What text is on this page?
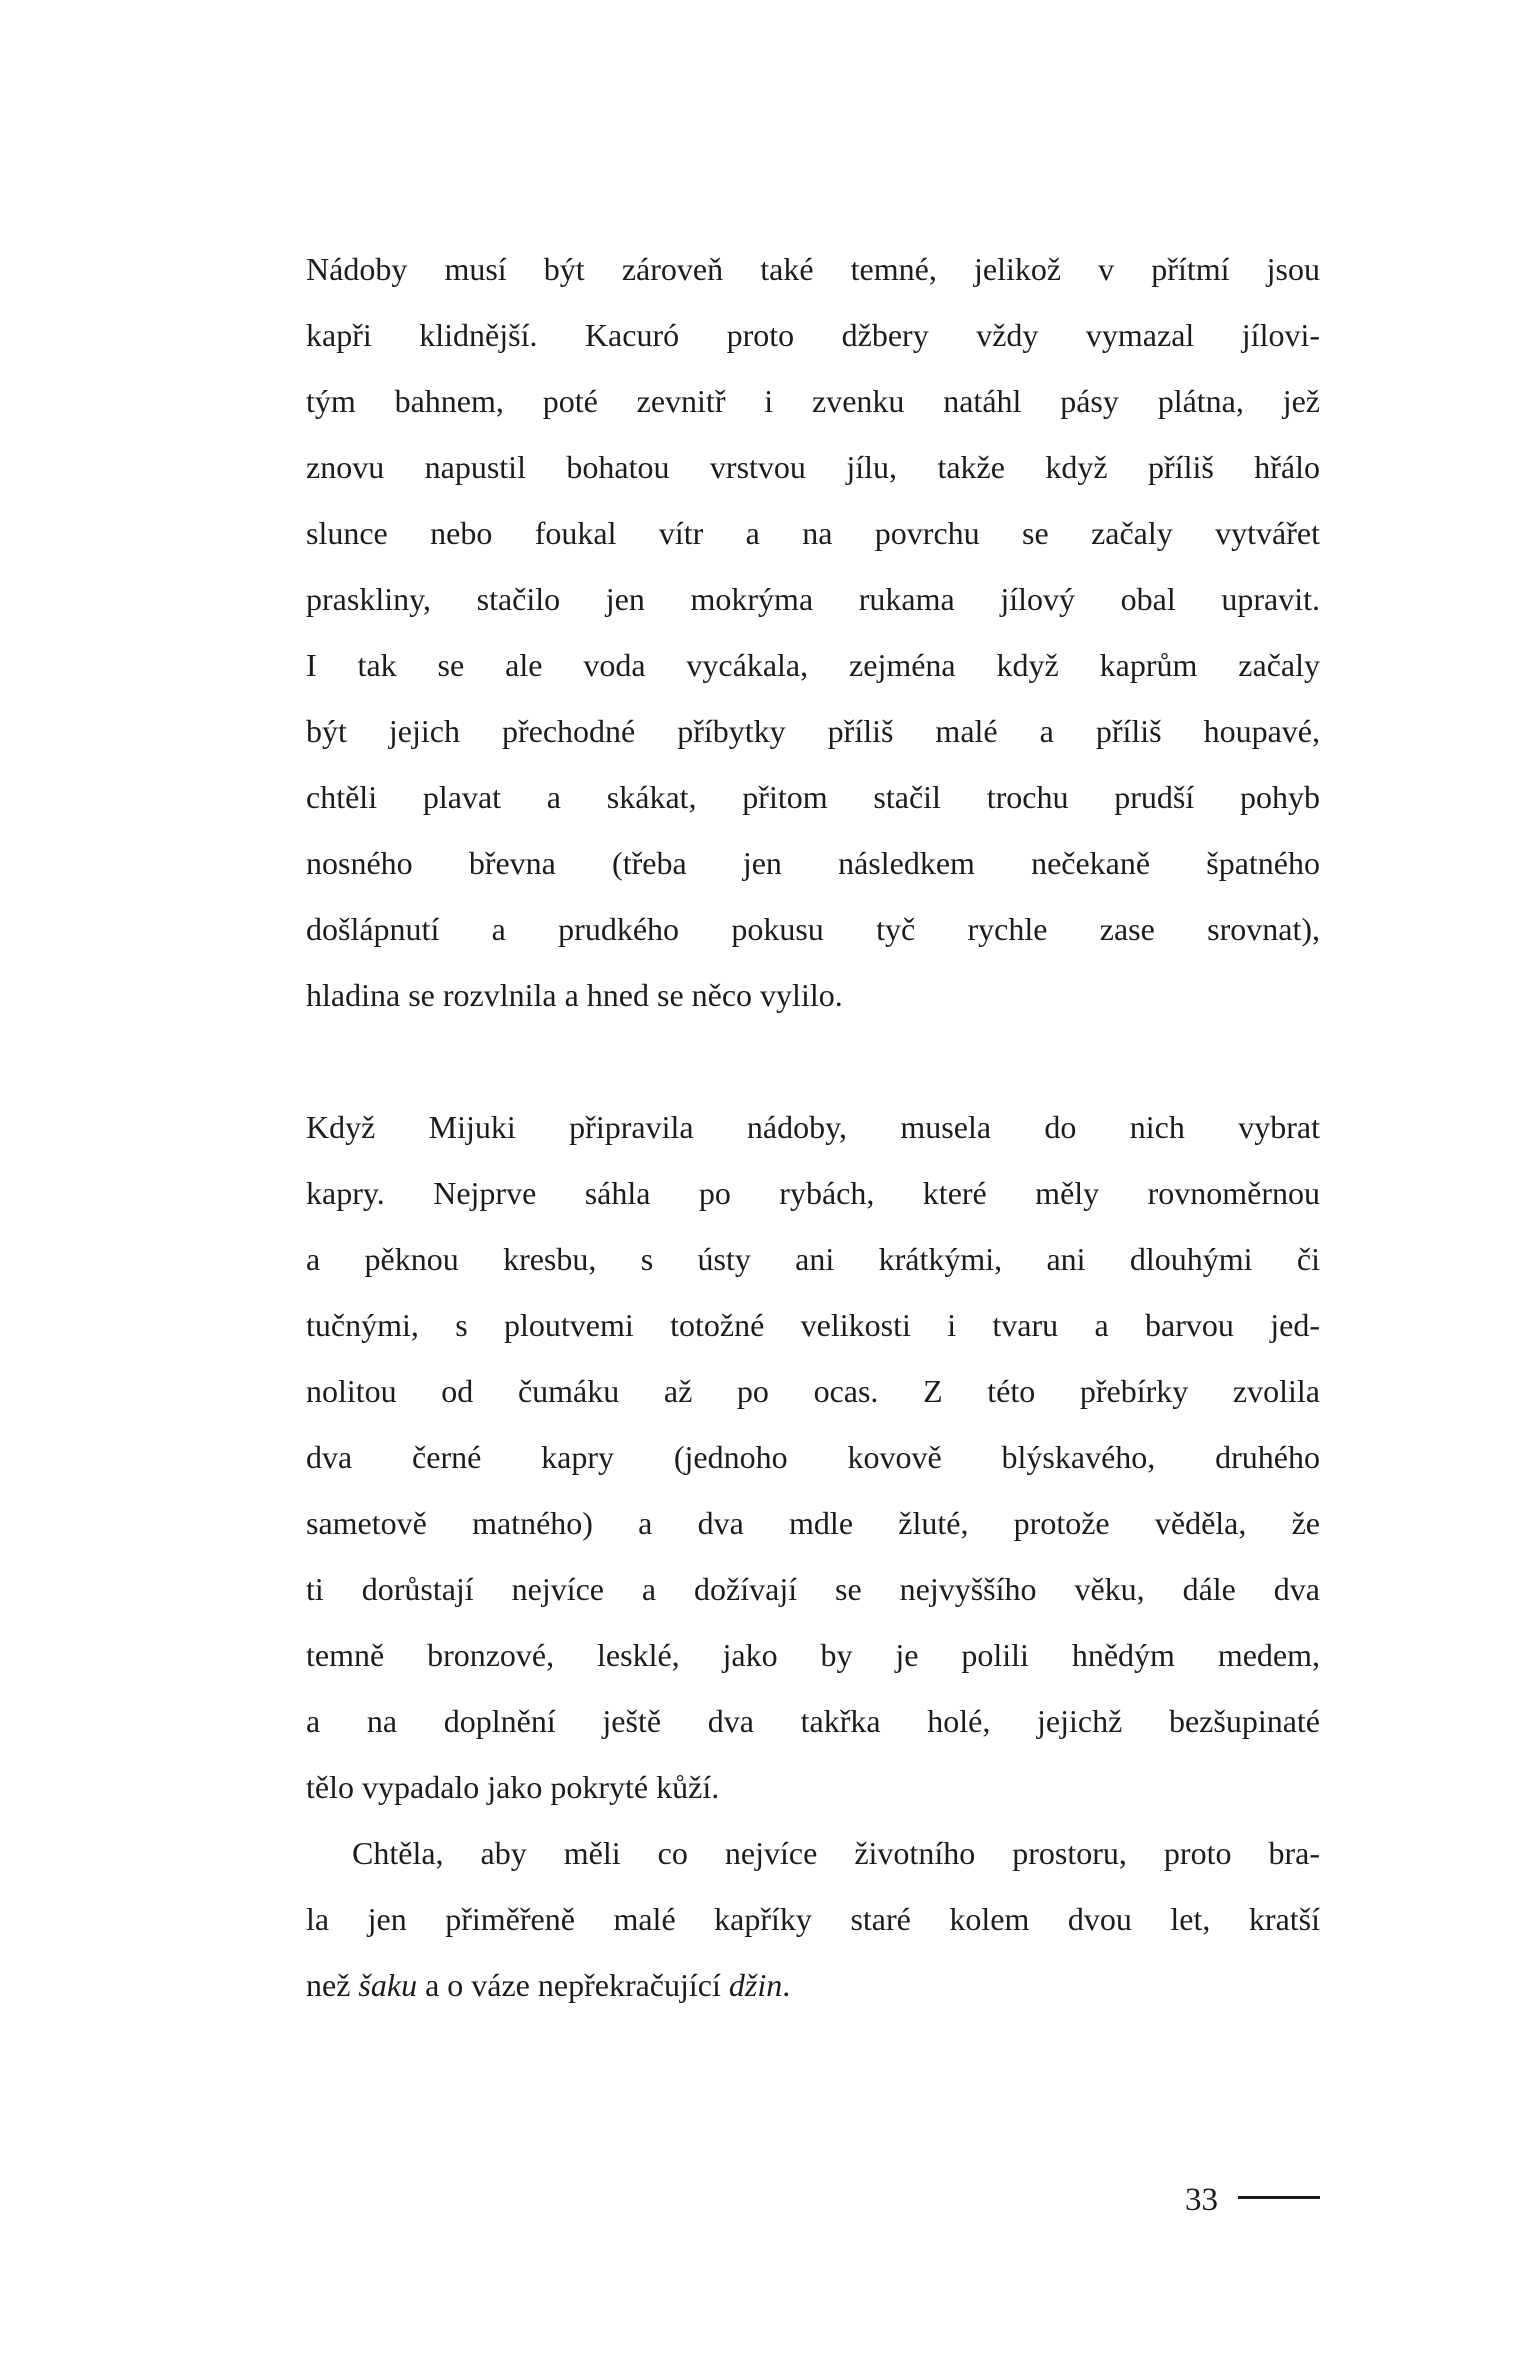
Nádoby musí být zároveň také temné, jelikož v přítmí jsou
kapři klidnější. Kacuró proto džbery vždy vymazal jílovi-
tým bahnem, poté zevnitř i zvenku natáhl pásy plátna, jež
znovu napustil bohatou vrstvou jílu, takže když příliš hřálo
slunce nebo foukal vítr a na povrchu se začaly vytvářet
praskliny, stačilo jen mokrýma rukama jílový obal upravit.
I tak se ale voda vycákala, zejména když kaprům začaly
být jejich přechodné příbytky příliš malé a příliš houpavé,
chtěli plavat a skákat, přitom stačil trochu prudší pohyb
nosného břevna (třeba jen následkem nečekaně špatného
došlápnutí a prudkého pokusu tyč rychle zase srovnat),
hladina se rozvlnila a hned se něco vylilo.
Když Mijuki připravila nádoby, musela do nich vybrat
kapry. Nejprve sáhla po rybách, které měly rovnoměrnou
a pěknou kresbu, s ústy ani krátkými, ani dlouhými či
tučnými, s ploutvemi totožné velikosti i tvaru a barvou jed-
nolitou od čumáku až po ocas. Z této přebírky zvolila
dva černé kapry (jednoho kovově blýskavého, druhého
sametově matného) a dva mdle žluté, protože věděla, že
ti dorůstají nejvíce a dožívají se nejvyššího věku, dále dva
temně bronzové, lesklé, jako by je polili hnědým medem,
a na doplnění ještě dva takřka holé, jejichž bezšupinaté
tělo vypadalo jako pokryté kůží.
Chtěla, aby měli co nejvíce životního prostoru, proto bra-
la jen přiměřeně malé kapříky staré kolem dvou let, kratší
než šaku a o váze nepřekračující džin.
33
